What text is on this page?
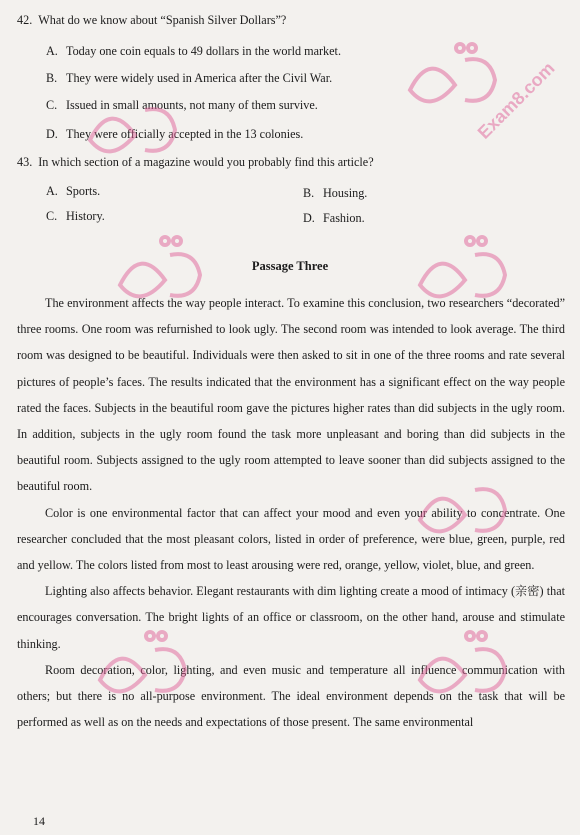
42. What do we know about “Spanish Silver Dollars”?
A. Today one coin equals to 49 dollars in the world market.
B. They were widely used in America after the Civil War.
C. Issued in small amounts, not many of them survive.
D. They were officially accepted in the 13 colonies.
43. In which section of a magazine would you probably find this article?
A. Sports.	B. Housing.
C. History.	D. Fashion.
Passage Three

The environment affects the way people interact. To examine this conclusion, two researchers “decorated” three rooms. One room was refurnished to look ugly. The second room was intended to look average. The third room was designed to be beautiful. Individuals were then asked to sit in one of the three rooms and rate several pictures of people’s faces. The results indicated that the environment has a significant effect on the way people rated the faces. Subjects in the beautiful room gave the pictures higher rates than did subjects in the ugly room. In addition, subjects in the ugly room found the task more unpleasant and boring than did subjects in the beautiful room. Subjects assigned to the ugly room attempted to leave sooner than did subjects assigned to the beautiful room.

Color is one environmental factor that can affect your mood and even your ability to concentrate. One researcher concluded that the most pleasant colors, listed in order of preference, were blue, green, purple, red and yellow. The colors listed from most to least arousing were red, orange, yellow, violet, blue, and green.

Lighting also affects behavior. Elegant restaurants with dim lighting create a mood of intimacy (亲密) that encourages conversation. The bright lights of an office or classroom, on the other hand, arouse and stimulate thinking.

Room decoration, color, lighting, and even music and temperature all influence communication with others; but there is no all-purpose environment. The ideal environment depends on the task that will be performed as well as on the needs and expectations of those present. The same environmental

14
Exam8.com
